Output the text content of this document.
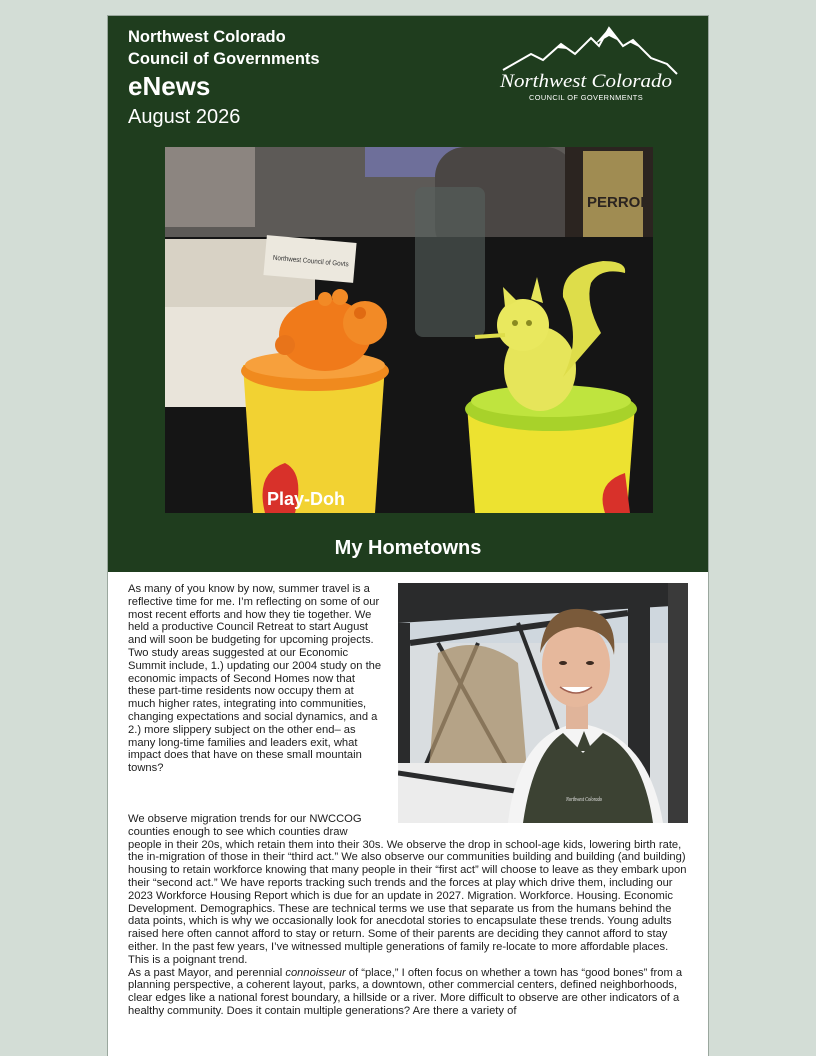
Northwest Colorado
Council of Governments
eNews
August 2026
Northwest Colorado
COUNCIL OF GOVERNMENTS
PERRON
Northwest Council of Govts
Play-Doh
My Hometowns
Northwest Colorado

As many of you know by now, summer travel is a reflective time for me. I’m reflecting on some of our most recent efforts and how they tie together. We held a productive Council Retreat to start August and will soon be budgeting for upcoming projects. Two study areas suggested at our Economic Summit include, 1.) updating our 2004 study on the economic impacts of Second Homes now that these part-time residents now occupy them at much higher rates, integrating into communities, changing expectations and social dynamics, and a 2.) more slippery subject on the other end– as many long-time families and leaders exit, what impact does that have on these small mountain towns?

We observe migration trends for our NWCCOG counties enough to see which counties draw

people in their 20s, which retain them into their 30s. We observe the drop in school-age kids, lowering birth rate, the in-migration of those in their “third act.” We also observe our communities building and building (and building) housing to retain workforce knowing that many people in their “first act” will choose to leave as they embark upon their “second act.” We have reports tracking such trends and the forces at play which drive them, including our 2023 Workforce Housing Report which is due for an update in 2027. Migration. Workforce. Housing. Economic Development. Demographics. These are technical terms we use that separate us from the humans behind the data points, which is why we occasionally look for anecdotal stories to encapsulate these trends. Young adults raised here often cannot afford to stay or return. Some of their parents are deciding they cannot afford to stay either. In the past few years, I’ve witnessed multiple generations of family re-locate to more affordable places. This is a poignant trend.

As a past Mayor, and perennial connoisseur of “place,” I often focus on whether a town has “good bones” from a planning perspective, a coherent layout, parks, a downtown, other commercial centers, defined neighborhoods, clear edges like a national forest boundary, a hillside or a river. More difficult to observe are other indicators of a healthy community. Does it contain multiple generations? Are there a variety of
